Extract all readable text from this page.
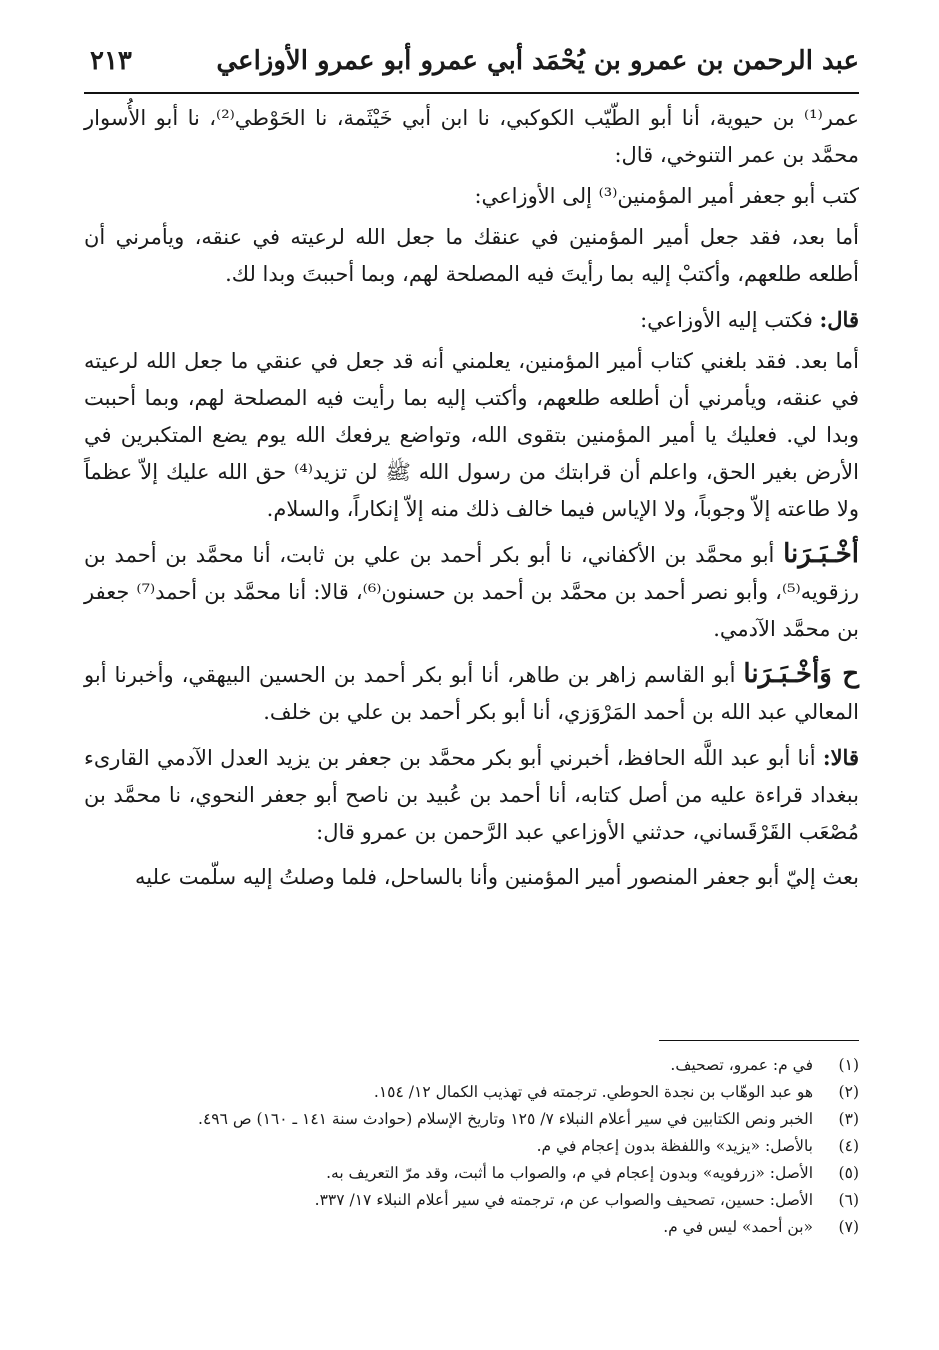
عبد الرحمن بن عمرو بن يُحْمَد أبي عمرو أبو عمرو الأوزاعي
٢١٣

عمر⁽¹⁾ بن حيوية، أنا أبو الطّيّب الكوكبي، نا ابن أبي خَيْثَمة، نا الحَوْطي⁽²⁾، نا أبو الأُسوار محمَّد بن عمر التنوخي، قال:

كتب أبو جعفر أمير المؤمنين⁽³⁾ إلى الأوزاعي:

أما بعد، فقد جعل أمير المؤمنين في عنقك ما جعل الله لرعيته في عنقه، ويأمرني أن أطلعه طلعهم، وأكتبْ إليه بما رأيتَ فيه المصلحة لهم، وبما أحببتَ وبدا لك.

قال: فكتب إليه الأوزاعي:

أما بعد. فقد بلغني كتاب أمير المؤمنين، يعلمني أنه قد جعل في عنقي ما جعل الله لرعيته في عنقه، ويأمرني أن أطلعه طلعهم، وأكتب إليه بما رأيت فيه المصلحة لهم، وبما أحببت وبدا لي. فعليك يا أمير المؤمنين بتقوى الله، وتواضع يرفعك الله يوم يضع المتكبرين في الأرض بغير الحق، واعلم أن قرابتك من رسول الله ﷺ لن تزيد⁽⁴⁾ حق الله عليك إلاّ عظماً ولا طاعته إلاّ وجوباً، ولا الإياس فيما خالف ذلك منه إلاّ إنكاراً، والسلام.

أخْـبَـرَنا أبو محمَّد بن الأكفاني، نا أبو بكر أحمد بن علي بن ثابت، أنا محمَّد بن أحمد بن رزقويه⁽⁵⁾، وأبو نصر أحمد بن محمَّد بن أحمد بن حسنون⁽⁶⁾، قالا: أنا محمَّد بن أحمد⁽⁷⁾ جعفر بن محمَّد الآدمي.

ح وَأخْـبَـرَنا أبو القاسم زاهر بن طاهر، أنا أبو بكر أحمد بن الحسين البيهقي، وأخبرنا أبو المعالي عبد الله بن أحمد المَرْوَزي، أنا أبو بكر أحمد بن علي بن خلف.

قالا: أنا أبو عبد اللَّه الحافظ، أخبرني أبو بكر محمَّد بن جعفر بن يزيد العدل الآدمي القارىء ببغداد قراءة عليه من أصل كتابه، أنا أحمد بن عُبيد بن ناصح أبو جعفر النحوي، نا محمَّد بن مُصْعَب القَرْقَساني، حدثني الأوزاعي عبد الرَّحمن بن عمرو قال:

بعث إليّ أبو جعفر المنصور أمير المؤمنين وأنا بالساحل، فلما وصلتُ إليه سلّمت عليه

(١)
في م: عمرو، تصحيف.
(٢)
هو عبد الوهّاب بن نجدة الحوطي. ترجمته في تهذيب الكمال ١٢/ ١٥٤.
(٣)
الخبر ونص الكتابين في سير أعلام النبلاء ٧/ ١٢٥ وتاريخ الإسلام (حوادث سنة ١٤١ ـ ١٦٠) ص ٤٩٦.
(٤)
بالأصل: «يزيد» واللفظة بدون إعجام في م.
(٥)
الأصل: «زرفويه» وبدون إعجام في م، والصواب ما أثبت، وقد مرّ التعريف به.
(٦)
الأصل: حسين، تصحيف والصواب عن م، ترجمته في سير أعلام النبلاء ١٧/ ٣٣٧.
(٧)
«بن أحمد» ليس في م.
